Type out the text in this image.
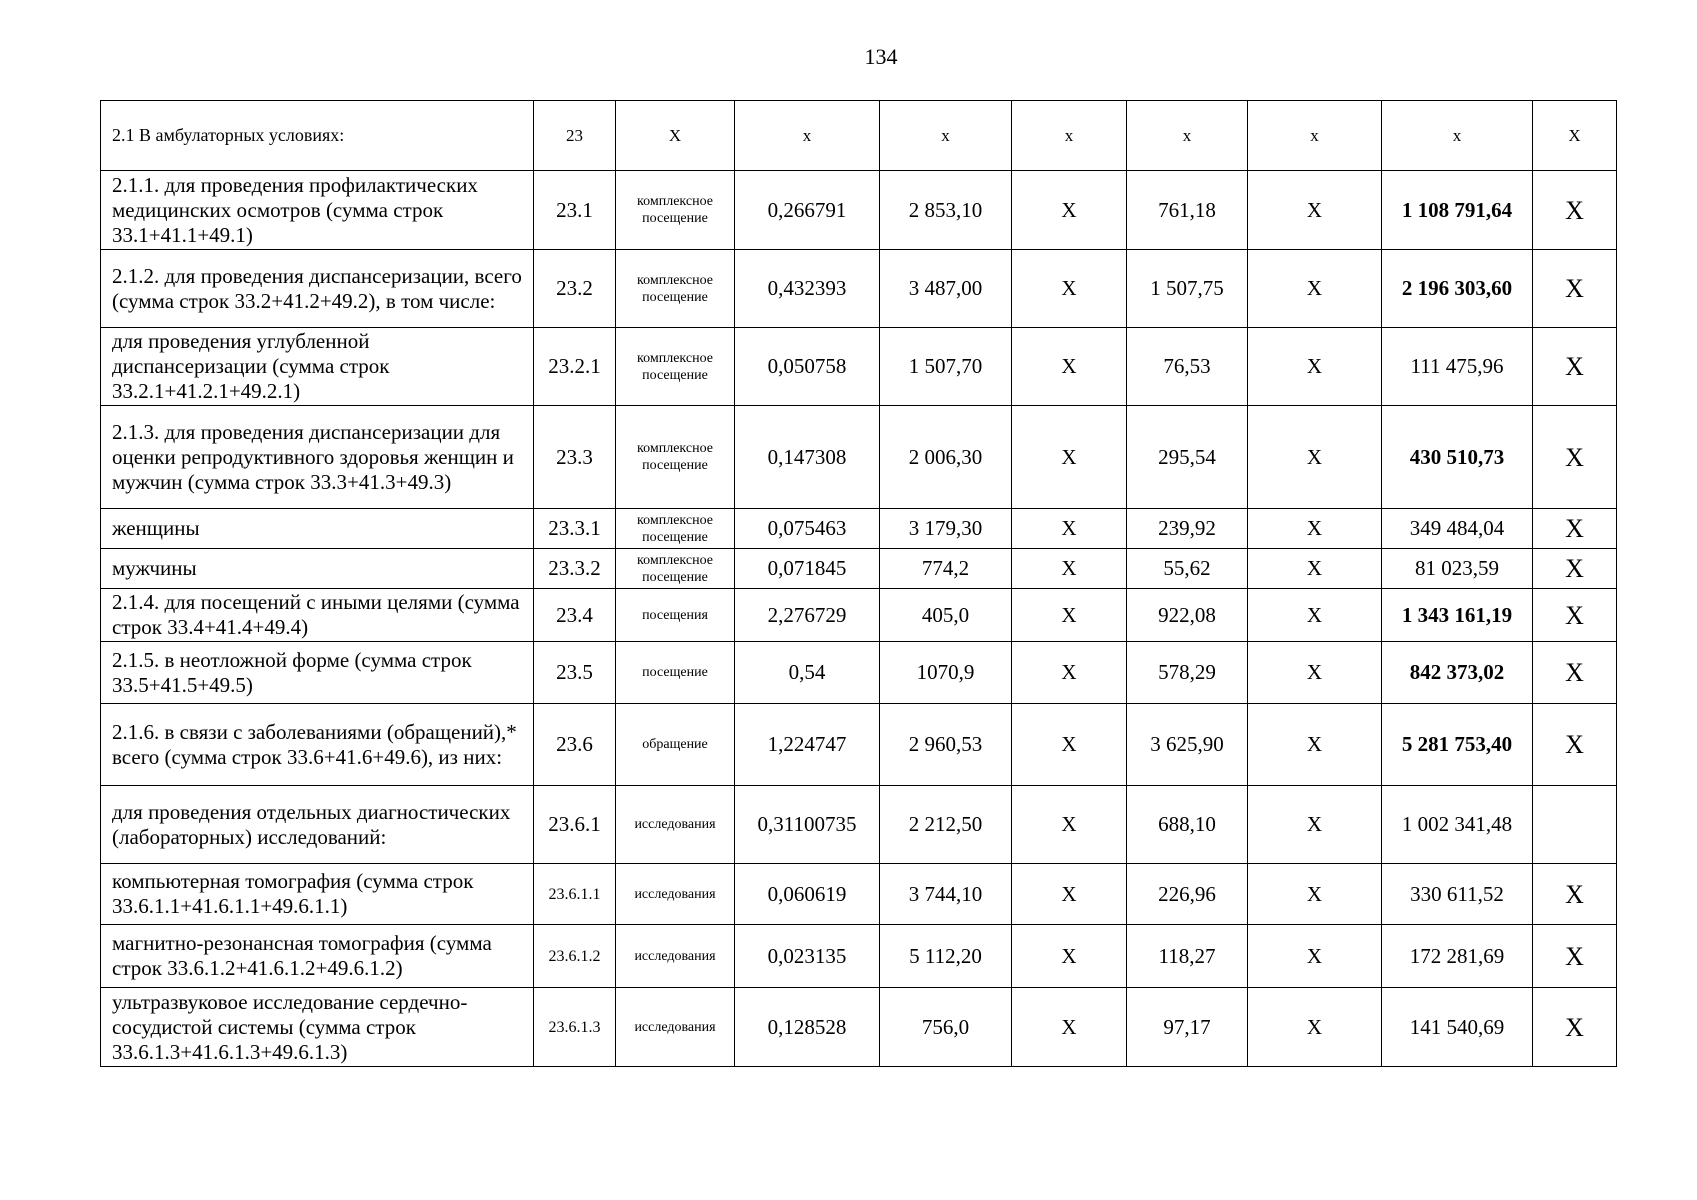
134
2.1 В амбулаторных условиях:	23	Х	х	х	х	х	х	х	Х
2.1.1. для проведения профилактических медицинских осмотров (сумма строк 33.1+41.1+49.1)	23.1	комплексное посещение	0,266791	2 853,10	Х	761,18	Х	1 108 791,64	Х
2.1.2. для проведения диспансеризации, всего (сумма строк 33.2+41.2+49.2), в том числе:	23.2	комплексное посещение	0,432393	3 487,00	Х	1 507,75	Х	2 196 303,60	Х
для проведения углубленной диспансеризации (сумма строк 33.2.1+41.2.1+49.2.1)	23.2.1	комплексное посещение	0,050758	1 507,70	Х	76,53	Х	111 475,96	Х
2.1.3. для проведения диспансеризации для оценки репродуктивного здоровья женщин и мужчин (сумма строк 33.3+41.3+49.3)	23.3	комплексное посещение	0,147308	2 006,30	Х	295,54	Х	430 510,73	Х
женщины	23.3.1	комплексное посещение	0,075463	3 179,30	Х	239,92	Х	349 484,04	Х
мужчины	23.3.2	комплексное посещение	0,071845	774,2	Х	55,62	Х	81 023,59	Х
2.1.4. для посещений с иными целями (сумма строк 33.4+41.4+49.4)	23.4	посещения	2,276729	405,0	Х	922,08	Х	1 343 161,19	Х
2.1.5. в неотложной форме (сумма строк 33.5+41.5+49.5)	23.5	посещение	0,54	1070,9	Х	578,29	Х	842 373,02	Х
2.1.6. в связи с заболеваниями (обращений),* всего (сумма строк 33.6+41.6+49.6), из них:	23.6	обращение	1,224747	2 960,53	Х	3 625,90	Х	5 281 753,40	Х
для проведения отдельных диагностических (лабораторных) исследований:	23.6.1	исследования	0,31100735	2 212,50	Х	688,10	Х	1 002 341,48	
компьютерная томография (сумма строк 33.6.1.1+41.6.1.1+49.6.1.1)	23.6.1.1	исследования	0,060619	3 744,10	Х	226,96	Х	330 611,52	Х
магнитно-резонансная томография (сумма строк 33.6.1.2+41.6.1.2+49.6.1.2)	23.6.1.2	исследования	0,023135	5 112,20	Х	118,27	Х	172 281,69	Х
ультразвуковое исследование сердечно-сосудистой системы (сумма строк 33.6.1.3+41.6.1.3+49.6.1.3)	23.6.1.3	исследования	0,128528	756,0	Х	97,17	Х	141 540,69	Х
